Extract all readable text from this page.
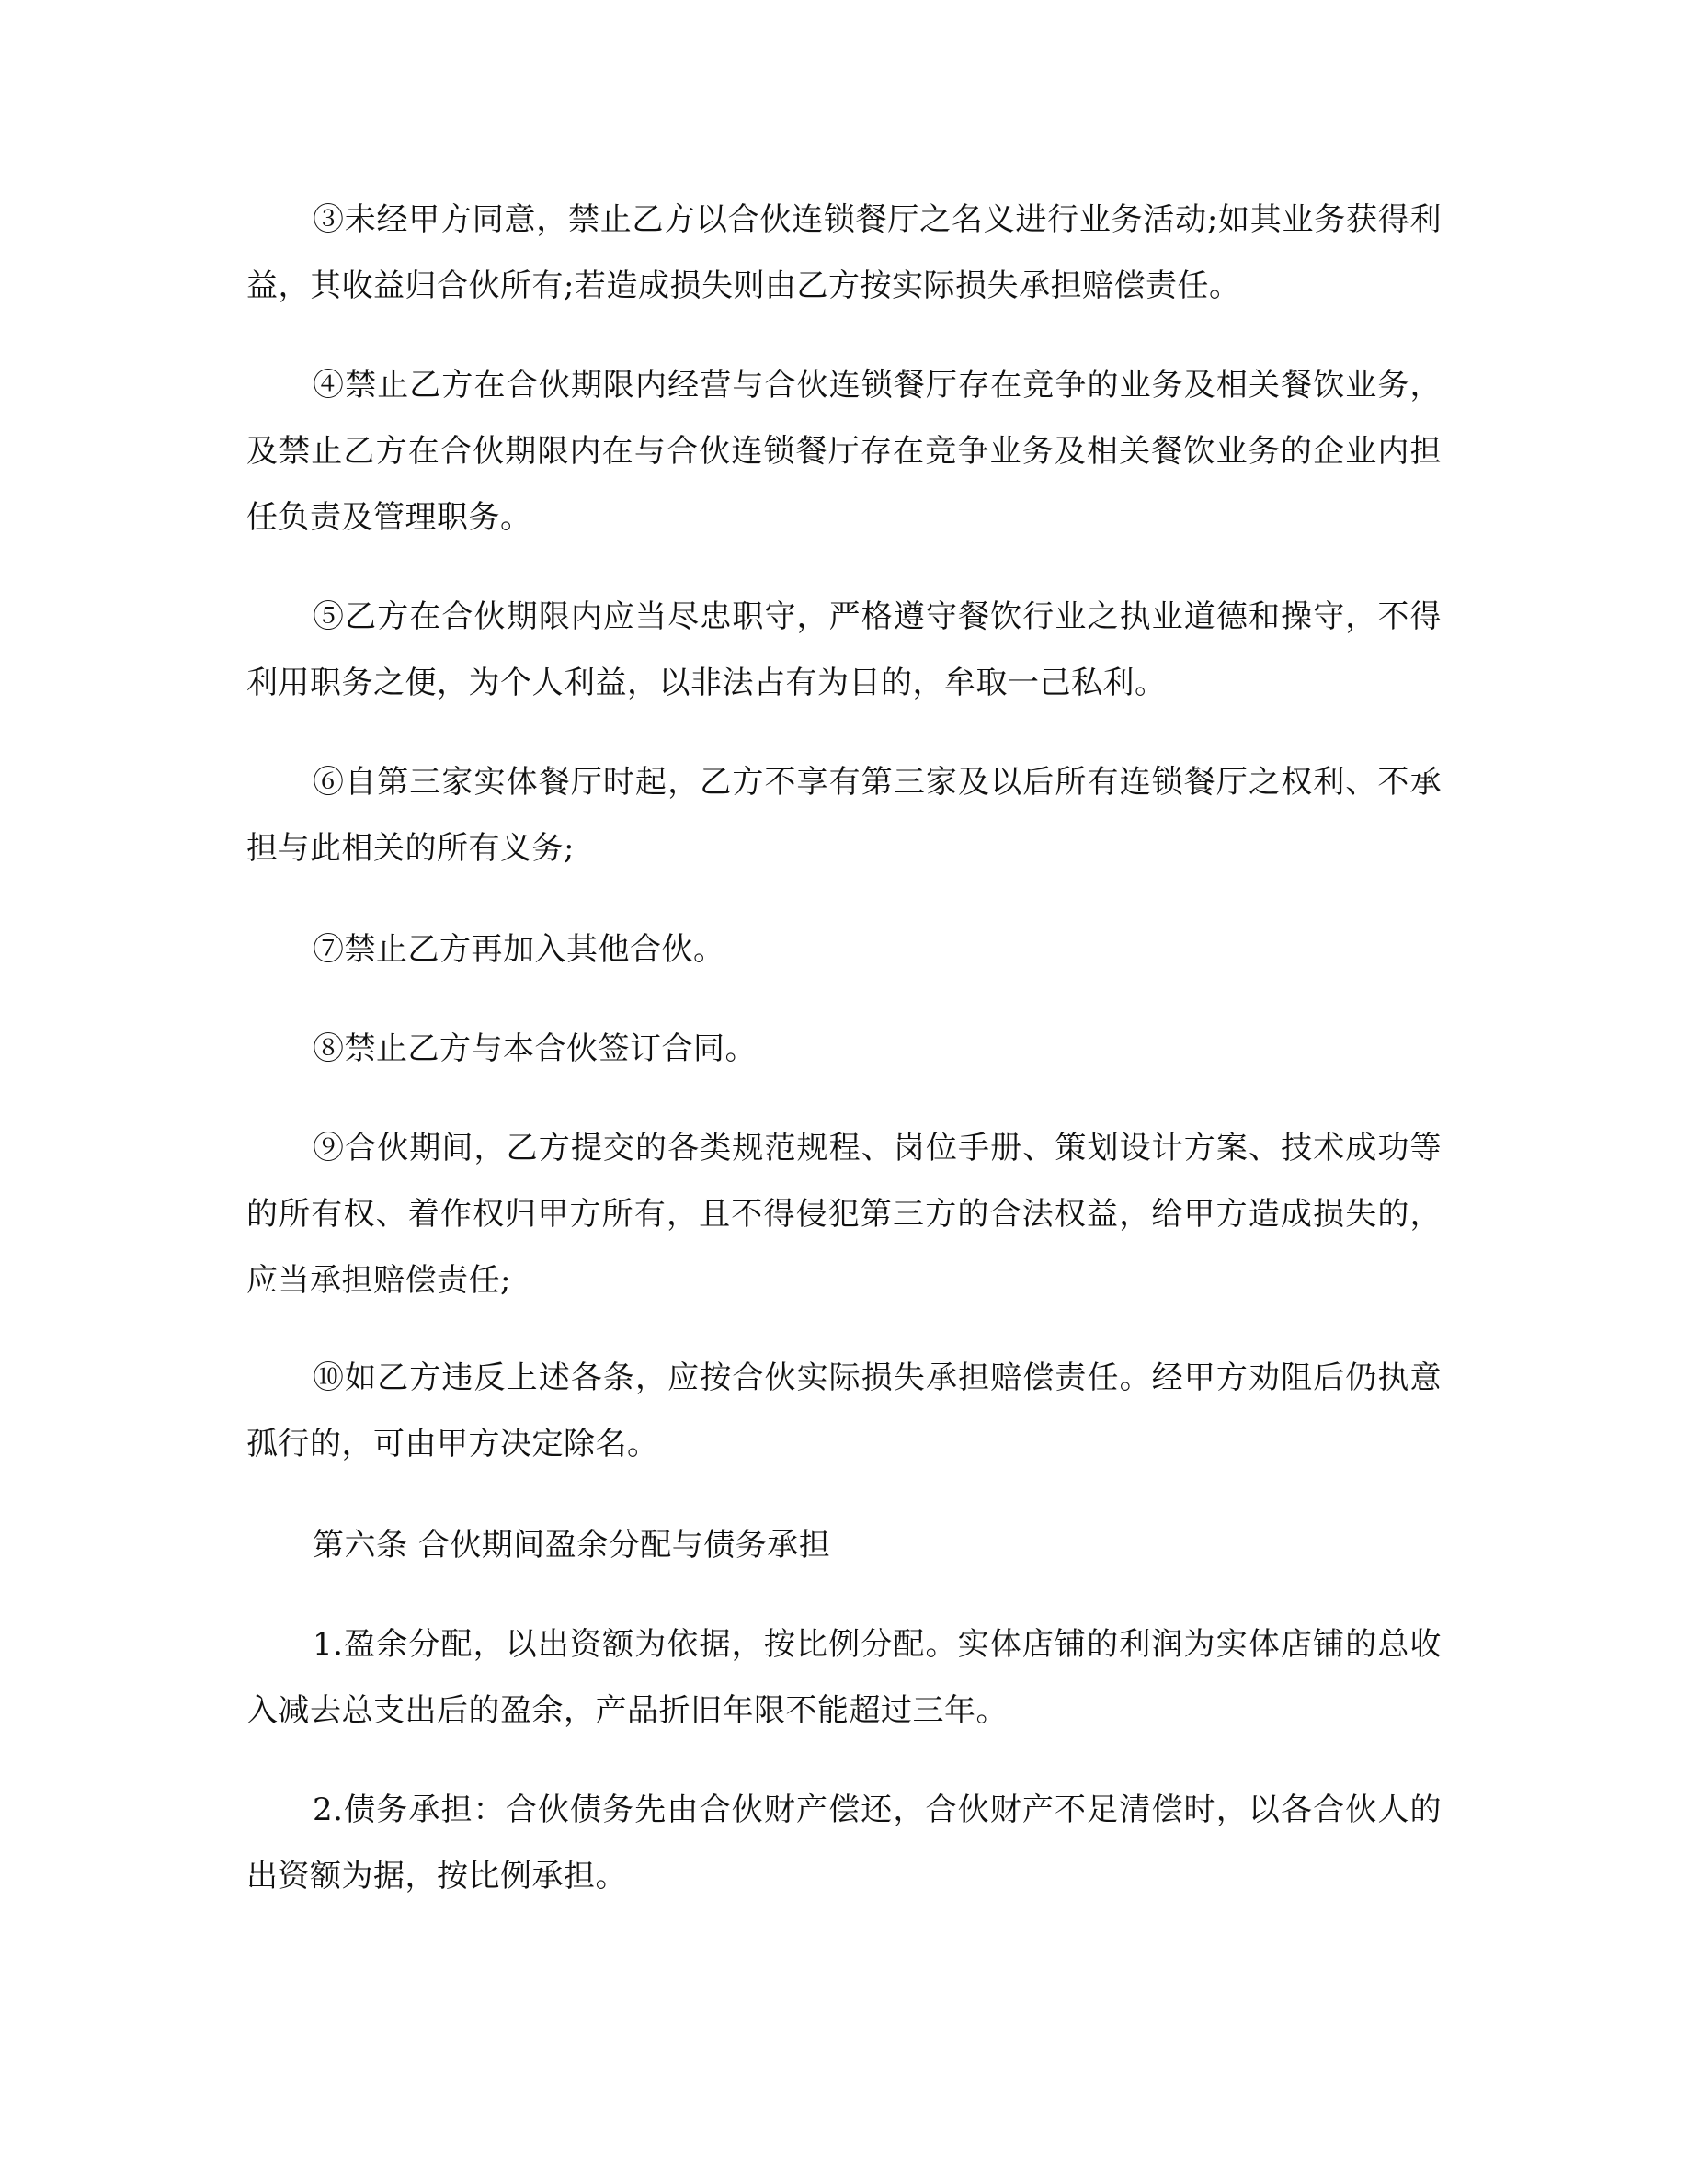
③未经甲方同意，禁止乙方以合伙连锁餐厅之名义进行业务活动;如其业务获得利益，其收益归合伙所有;若造成损失则由乙方按实际损失承担赔偿责任。

④禁止乙方在合伙期限内经营与合伙连锁餐厅存在竞争的业务及相关餐饮业务，及禁止乙方在合伙期限内在与合伙连锁餐厅存在竞争业务及相关餐饮业务的企业内担任负责及管理职务。

⑤乙方在合伙期限内应当尽忠职守，严格遵守餐饮行业之执业道德和操守，不得利用职务之便，为个人利益，以非法占有为目的，牟取一己私利。

⑥自第三家实体餐厅时起，乙方不享有第三家及以后所有连锁餐厅之权利、不承担与此相关的所有义务;

⑦禁止乙方再加入其他合伙。

⑧禁止乙方与本合伙签订合同。

⑨合伙期间，乙方提交的各类规范规程、岗位手册、策划设计方案、技术成功等的所有权、着作权归甲方所有，且不得侵犯第三方的合法权益，给甲方造成损失的，应当承担赔偿责任;

⑩如乙方违反上述各条，应按合伙实际损失承担赔偿责任。经甲方劝阻后仍执意孤行的，可由甲方决定除名。

第六条 合伙期间盈余分配与债务承担

1.盈余分配，以出资额为依据，按比例分配。实体店铺的利润为实体店铺的总收入减去总支出后的盈余，产品折旧年限不能超过三年。

2.债务承担：合伙债务先由合伙财产偿还，合伙财产不足清偿时，以各合伙人的出资额为据，按比例承担。
